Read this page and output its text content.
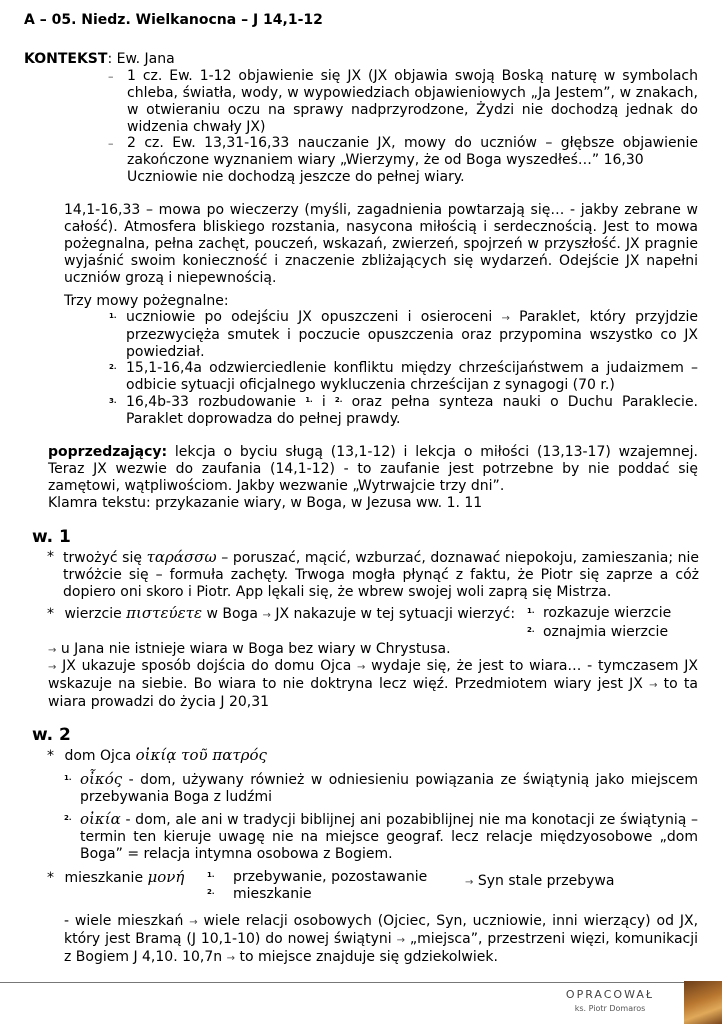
A – 05. Niedz. Wielkanocna – J 14,1-12
KONTEKST: Ew. Jana
– 1 cz. Ew. 1-12 objawienie się JX (JX objawia swoją Boską naturę w symbolach chleba, światła, wody, w wypowiedziach objawieniowych „Ja Jestem”, w znakach, w otwieraniu oczu na sprawy nadprzyrodzone, Żydzi nie dochodzą jednak do widzenia chwały JX)
– 2 cz. Ew. 13,31-16,33 nauczanie JX, mowy do uczniów – głębsze objawienie zakończone wyznaniem wiary „Wierzymy, że od Boga wyszedłeś…” 16,30
Uczniowie nie dochodzą jeszcze do pełnej wiary.
14,1-16,33 – mowa po wieczerzy (myśli, zagadnienia powtarzają się… - jakby zebrane w całość). Atmosfera bliskiego rozstania, nasycona miłością i serdecznością. Jest to mowa pożegnalna, pełna zachęt, pouczeń, wskazań, zwierzeń, spojrzeń w przyszłość. JX pragnie wyjaśnić swoim konieczność i znaczenie zbliżających się wydarzeń. Odejście JX napełni uczniów grozą i niepewnością.
Trzy mowy pożegnalne:
1. uczniowie po odejściu JX opuszczeni i osieroceni → Paraklet, który przyjdzie przezwycięża smutek i poczucie opuszczenia oraz przypomina wszystko co JX powiedział.
2. 15,1-16,4a odzwierciedlenie konfliktu między chrześcijaństwem a judaizmem – odbicie sytuacji oficjalnego wykluczenia chrześcijan z synagogi (70 r.)
3. 16,4b-33 rozbudowanie $^{1.}$ i $^{2.}$ oraz pełna synteza nauki o Duchu Paraklecie. Paraklet doprowadza do pełnej prawdy.
poprzedzający: lekcja o byciu sługą (13,1-12) i lekcja o miłości (13,13-17) wzajemnej. Teraz JX wezwie do zaufania (14,1-12) - to zaufanie jest potrzebne by nie poddać się zamętowi, wątpliwościom. Jakby wezwanie „Wytrwajcie trzy dni”.
Klamra tekstu: przykazanie wiary, w Boga, w Jezusa ww. 1. 11
w. 1
* trwożyć się ταράσσω – poruszać, mącić, wzburzać, doznawać niepokoju, zamieszania; nie trwóżcie się – formuła zachęty. Trwoga mogła płynąć z faktu, że Piotr się zaprze a cóż dopiero oni skoro i Piotr. App lękali się, że wbrew swojej woli zaprą się Mistrza.
* wierzcie πιστεύετε w Boga → JX nakazuje w tej sytuacji wierzyć: $^{1.}$ rozkazuje wierzcie
$^{2.}$ oznajmia wierzcie
→ u Jana nie istnieje wiara w Boga bez wiary w Chrystusa.
→ JX ukazuje sposób dojścia do domu Ojca → wydaje się, że jest to wiara… - tymczasem JX wskazuje na siebie. Bo wiara to nie doktryna lecz więź. Przedmiotem wiary jest JX → to ta wiara prowadzi do życia J 20,31
w. 2
* dom Ojca οἰκίᾳ τοῦ πατρός
1. οἶκός - dom, używany również w odniesieniu powiązania ze świątynią jako miejscem przebywania Boga z ludźmi
2. οἰκία - dom, ale ani w tradycji biblijnej ani pozabiblijnej nie ma konotacji ze świątynią – termin ten kieruje uwagę nie na miejsce geograf. lecz relacje międzyosobowe „dom Boga” = relacja intymna osobowa z Bogiem.
* mieszkanie μονή	$^{1.}$ przebywanie, pozostawanie
$^{2.}$ mieszkanie
→ Syn stale przebywa
- wiele mieszkań → wiele relacji osobowych (Ojciec, Syn, uczniowie, inni wierzący) od JX, który jest Bramą (J 10,1-10) do nowej świątyni → „miejsca”, przestrzeni więzi, komunikacji z Bogiem J 4,10. 10,7n → to miejsce znajduje się gdziekolwiek.
OPRACOWAŁ
ks. Piotr Domaros
